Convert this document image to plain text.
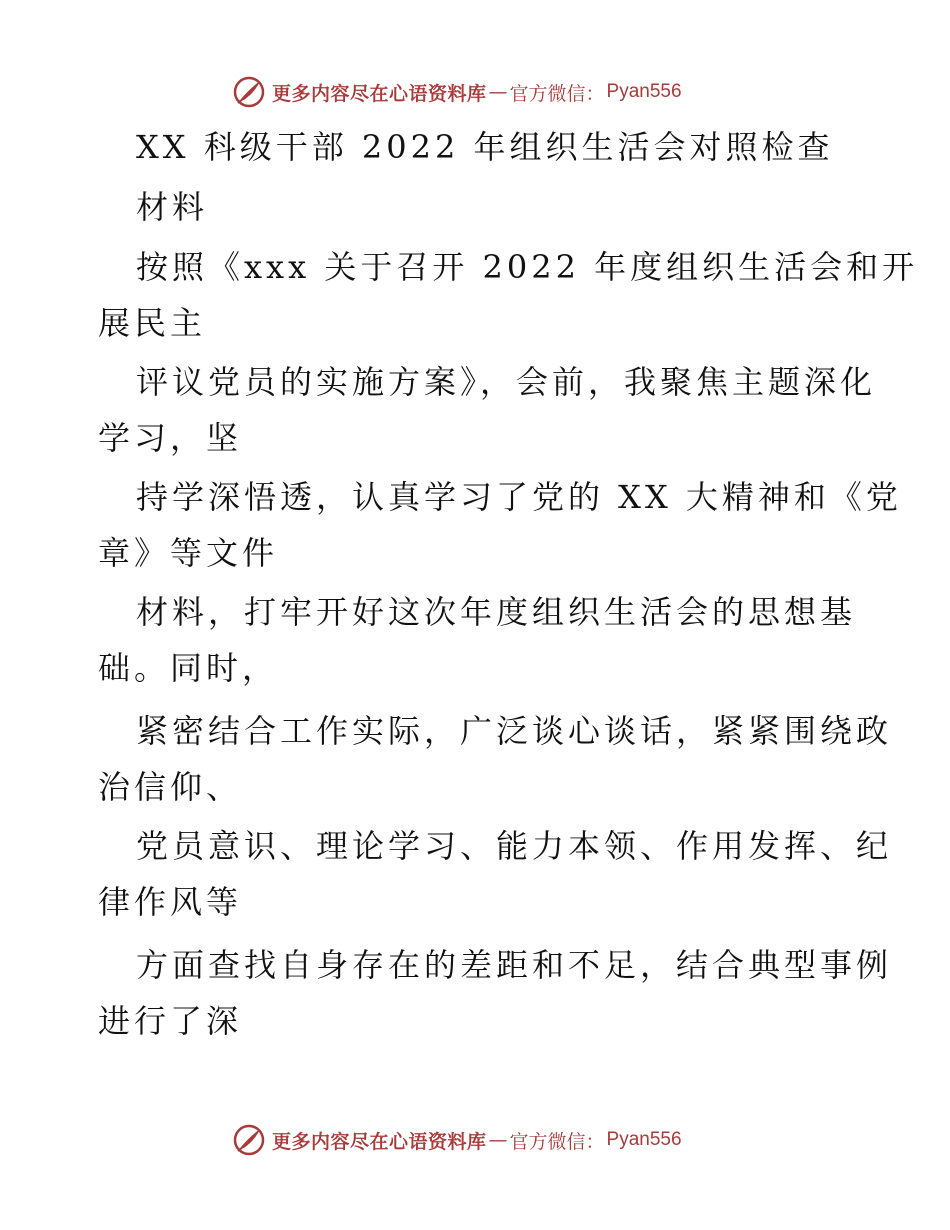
更多内容尽在心语资料库 — 官方微信： Pyan556
XX 科级干部 2022 年组织生活会对照检查
材料
按照《xxx 关于召开 2022 年度组织生活会和开
展民主
评议党员的实施方案》，会前，我聚焦主题深化
学习，坚
持学深悟透，认真学习了党的 XX 大精神和《党
章》等文件
材料，打牢开好这次年度组织生活会的思想基
础。同时，
紧密结合工作实际，广泛谈心谈话，紧紧围绕政
治信仰、
党员意识、理论学习、能力本领、作用发挥、纪
律作风等
方面查找自身存在的差距和不足，结合典型事例
进行了深
更多内容尽在心语资料库 — 官方微信： Pyan556
